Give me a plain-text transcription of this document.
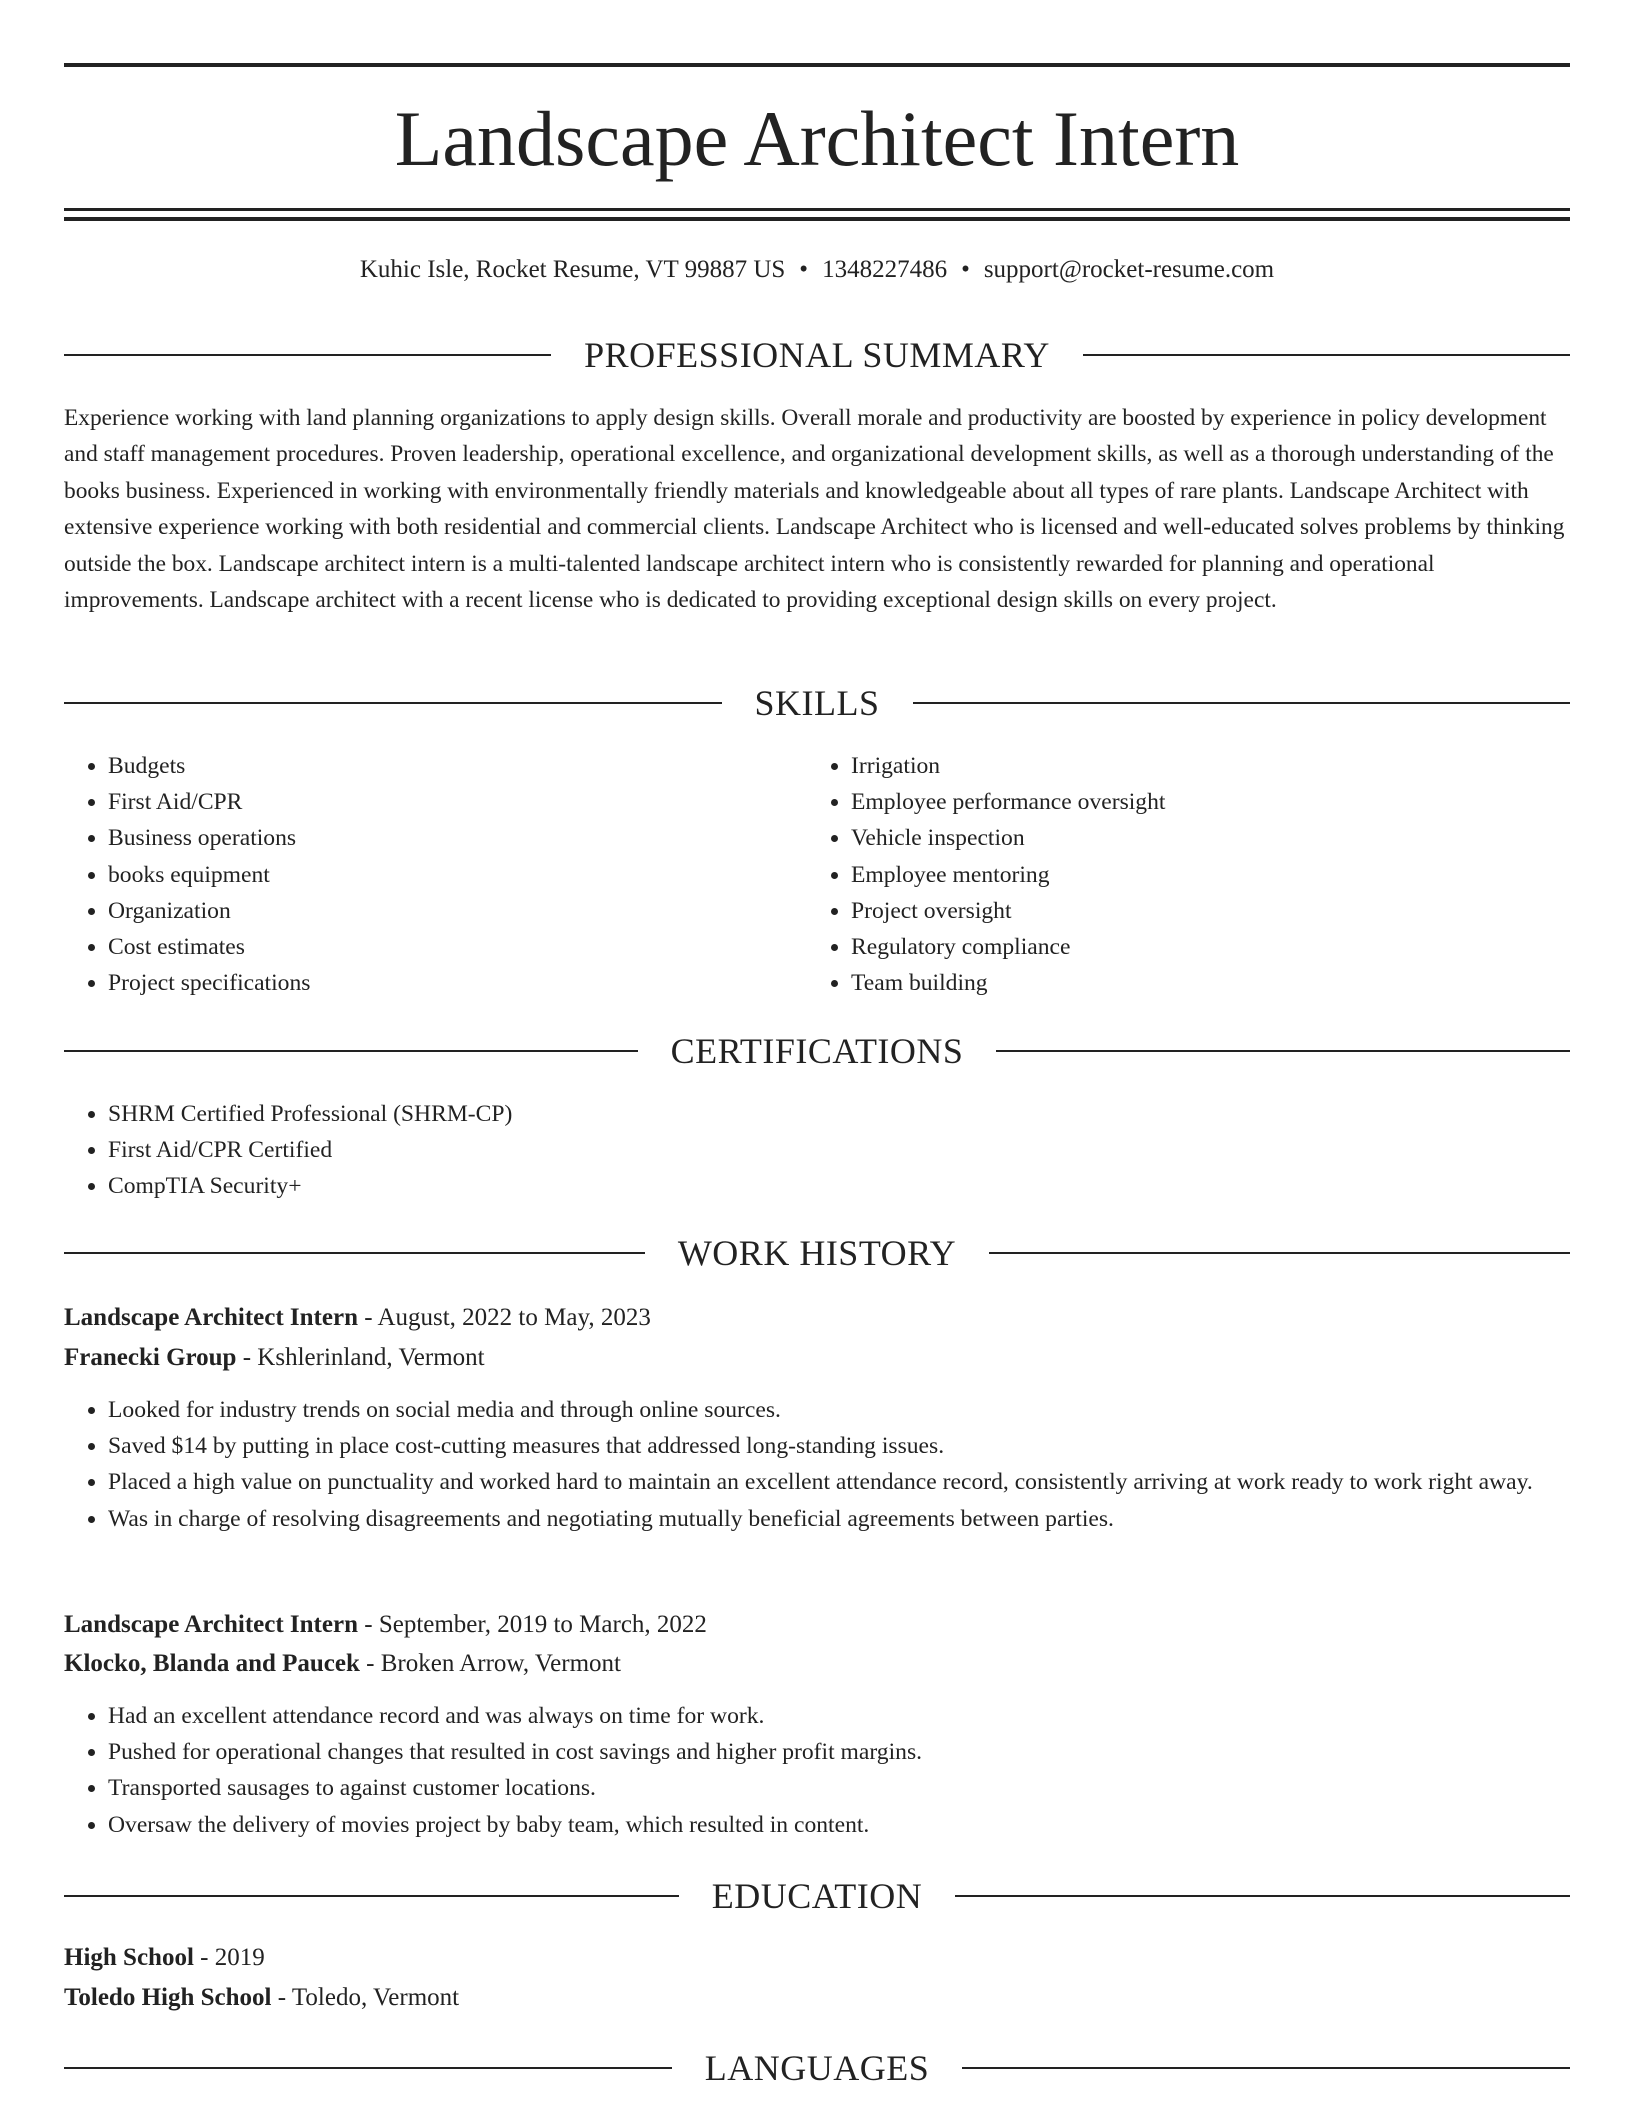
Landscape Architect Intern
Kuhic Isle, Rocket Resume, VT 99887 US • 1348227486 • support@rocket-resume.com
PROFESSIONAL SUMMARY

Experience working with land planning organizations to apply design skills. Overall morale and productivity are boosted by experience in policy development and staff management procedures. Proven leadership, operational excellence, and organizational development skills, as well as a thorough understanding of the books business. Experienced in working with environmentally friendly materials and knowledgeable about all types of rare plants. Landscape Architect with extensive experience working with both residential and commercial clients. Landscape Architect who is licensed and well-educated solves problems by thinking outside the box. Landscape architect intern is a multi-talented landscape architect intern who is consistently rewarded for planning and operational improvements. Landscape architect with a recent license who is dedicated to providing exceptional design skills on every project.

SKILLS
• Budgets
• First Aid/CPR
• Business operations
• books equipment
• Organization
• Cost estimates
• Project specifications
• Irrigation
• Employee performance oversight
• Vehicle inspection
• Employee mentoring
• Project oversight
• Regulatory compliance
• Team building
CERTIFICATIONS
• SHRM Certified Professional (SHRM-CP)
• First Aid/CPR Certified
• CompTIA Security+
WORK HISTORY
Landscape Architect Intern - August, 2022 to May, 2023
Franecki Group - Kshlerinland, Vermont
• Looked for industry trends on social media and through online sources.
• Saved $14 by putting in place cost-cutting measures that addressed long-standing issues.
• Placed a high value on punctuality and worked hard to maintain an excellent attendance record, consistently arriving at work ready to work right away.
• Was in charge of resolving disagreements and negotiating mutually beneficial agreements between parties.
Landscape Architect Intern - September, 2019 to March, 2022
Klocko, Blanda and Paucek - Broken Arrow, Vermont
• Had an excellent attendance record and was always on time for work.
• Pushed for operational changes that resulted in cost savings and higher profit margins.
• Transported sausages to against customer locations.
• Oversaw the delivery of movies project by baby team, which resulted in content.
EDUCATION
High School - 2019
Toledo High School - Toledo, Vermont
LANGUAGES
